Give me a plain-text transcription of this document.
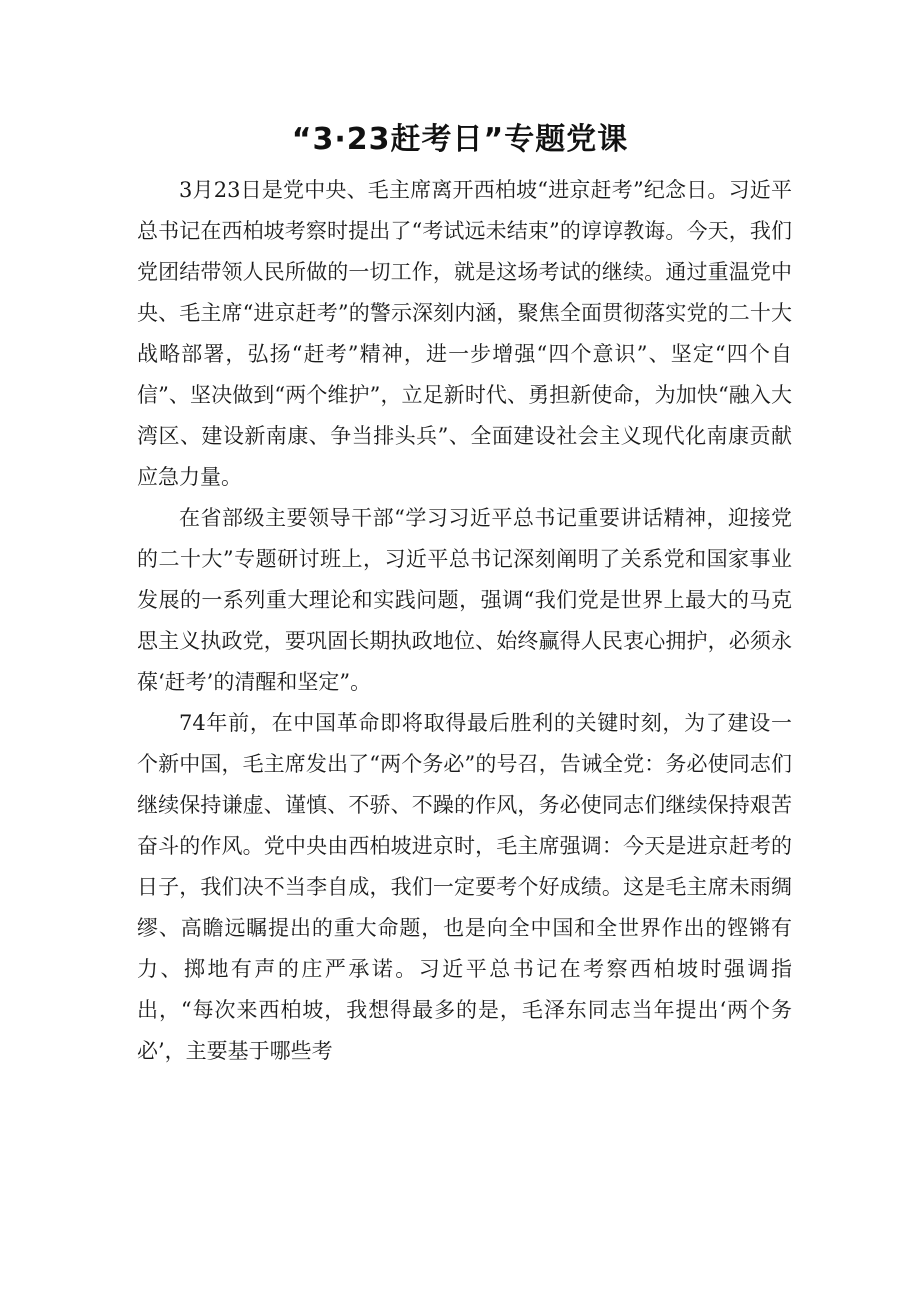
“3·23赶考日”专题党课

3月23日是党中央、毛主席离开西柏坡“进京赶考”纪念日。习近平总书记在西柏坡考察时提出了“考试远未结束”的谆谆教诲。今天，我们党团结带领人民所做的一切工作，就是这场考试的继续。通过重温党中央、毛主席“进京赶考”的警示深刻内涵，聚焦全面贯彻落实党的二十大战略部署，弘扬“赶考”精神，进一步增强“四个意识”、坚定“四个自信”、坚决做到“两个维护”，立足新时代、勇担新使命，为加快“融入大湾区、建设新南康、争当排头兵”、全面建设社会主义现代化南康贡献应急力量。

在省部级主要领导干部“学习习近平总书记重要讲话精神，迎接党的二十大”专题研讨班上，习近平总书记深刻阐明了关系党和国家事业发展的一系列重大理论和实践问题，强调“我们党是世界上最大的马克思主义执政党，要巩固长期执政地位、始终赢得人民衷心拥护，必须永葆‘赶考’的清醒和坚定”。

74年前，在中国革命即将取得最后胜利的关键时刻，为了建设一个新中国，毛主席发出了“两个务必”的号召，告诫全党：务必使同志们继续保持谦虚、谨慎、不骄、不躁的作风，务必使同志们继续保持艰苦奋斗的作风。党中央由西柏坡进京时，毛主席强调：今天是进京赶考的日子，我们决不当李自成，我们一定要考个好成绩。这是毛主席未雨绸缪、高瞻远瞩提出的重大命题，也是向全中国和全世界作出的铿锵有力、掷地有声的庄严承诺。习近平总书记在考察西柏坡时强调指出，“每次来西柏坡，我想得最多的是，毛泽东同志当年提出‘两个务必’，主要基于哪些考
